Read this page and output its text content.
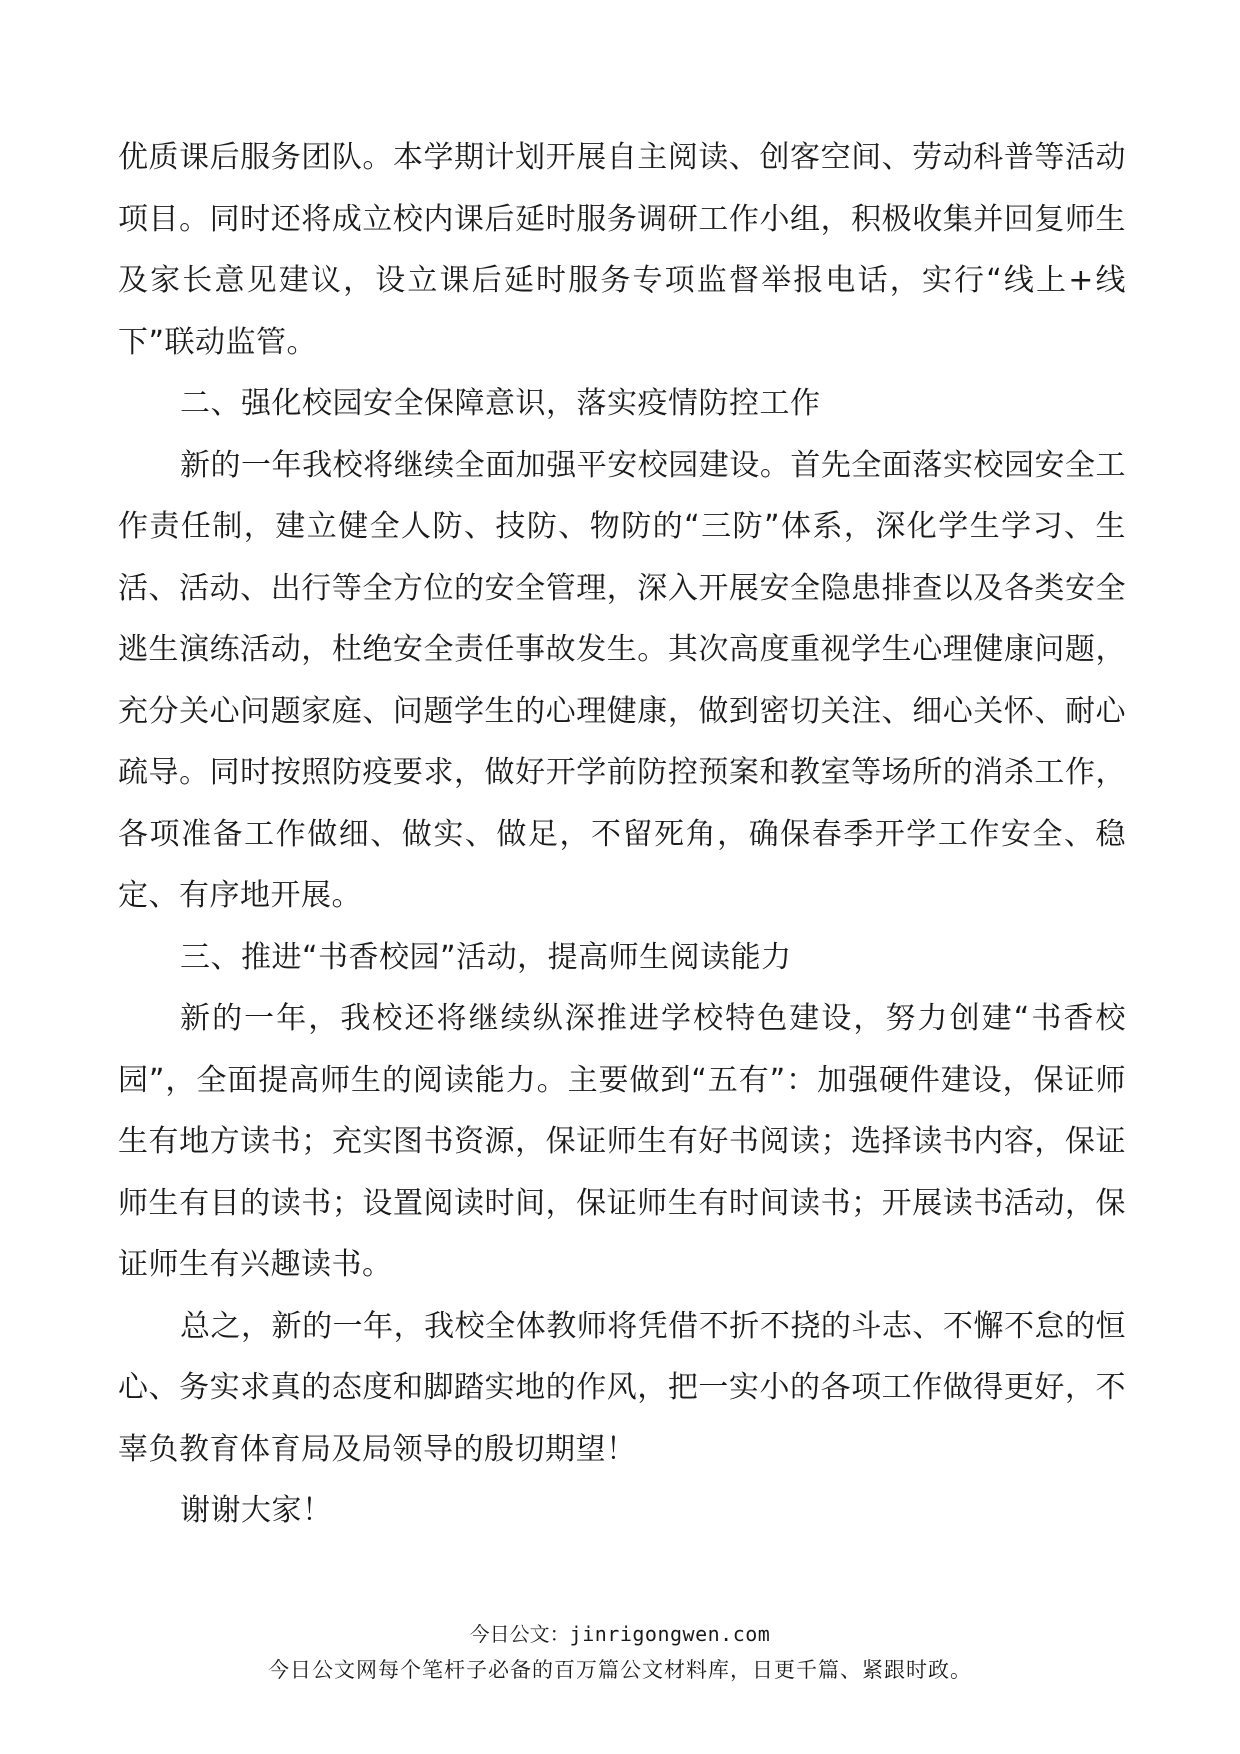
优质课后服务团队。本学期计划开展自主阅读、创客空间、劳动科普等活动项目。同时还将成立校内课后延时服务调研工作小组，积极收集并回复师生及家长意见建议，设立课后延时服务专项监督举报电话，实行“线上+线下”联动监管。

二、强化校园安全保障意识，落实疫情防控工作

新的一年我校将继续全面加强平安校园建设。首先全面落实校园安全工作责任制，建立健全人防、技防、物防的“三防”体系，深化学生学习、生活、活动、出行等全方位的安全管理，深入开展安全隐患排查以及各类安全逃生演练活动，杜绝安全责任事故发生。其次高度重视学生心理健康问题，充分关心问题家庭、问题学生的心理健康，做到密切关注、细心关怀、耐心疏导。同时按照防疫要求，做好开学前防控预案和教室等场所的消杀工作，各项准备工作做细、做实、做足，不留死角，确保春季开学工作安全、稳定、有序地开展。

三、推进“书香校园”活动，提高师生阅读能力

新的一年，我校还将继续纵深推进学校特色建设，努力创建“书香校园”，全面提高师生的阅读能力。主要做到“五有”：加强硬件建设，保证师生有地方读书；充实图书资源，保证师生有好书阅读；选择读书内容，保证师生有目的读书；设置阅读时间，保证师生有时间读书；开展读书活动，保证师生有兴趣读书。

总之，新的一年，我校全体教师将凭借不折不挠的斗志、不懈不怠的恒心、务实求真的态度和脚踏实地的作风，把一实小的各项工作做得更好，不辜负教育体育局及局领导的殷切期望！

谢谢大家！

今日公文：jinrigongwen.com
今日公文网每个笔杆子必备的百万篇公文材料库，日更千篇、紧跟时政。
